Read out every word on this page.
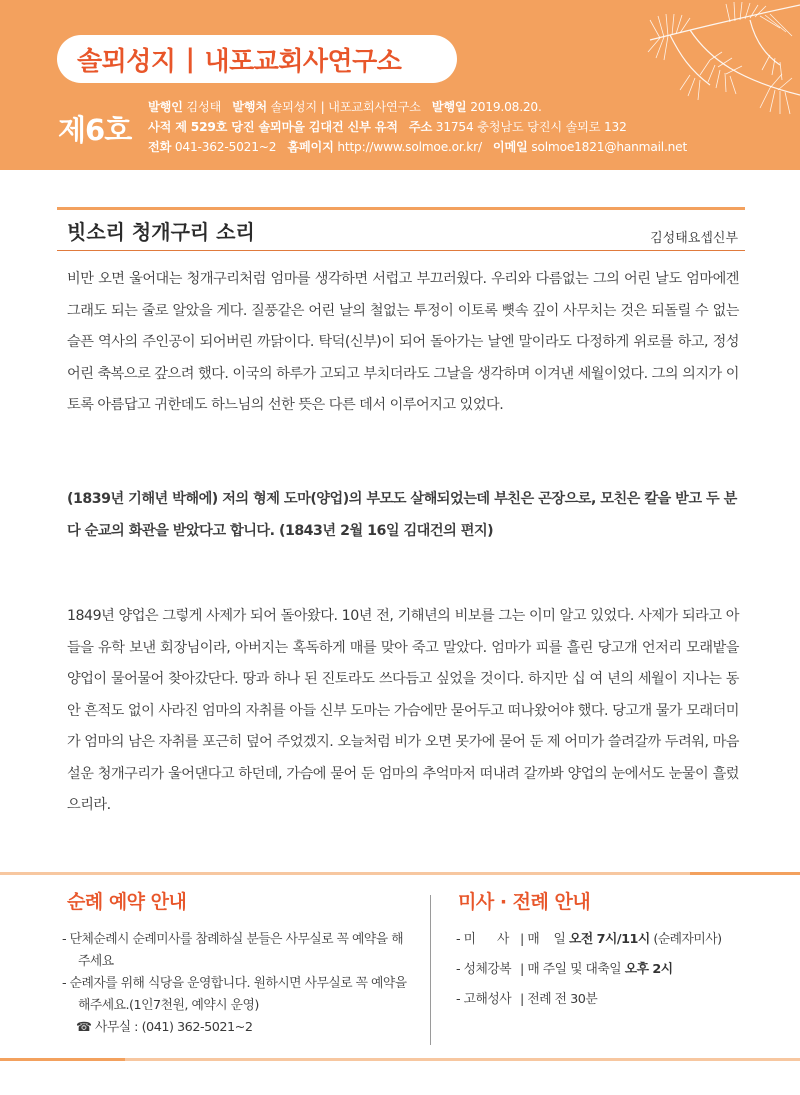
솔뫼성지 | 내포교회사연구소
제6호
발행인 김성태 발행처 솔뫼성지 | 내포교회사연구소 발행일 2019.08.20.
사적 제 529호 당진 솔뫼마을 김대건 신부 유적 주소 31754 충청남도 당진시 솔뫼로 132
전화 041-362-5021~2 홈페이지 http://www.solmoe.or.kr/ 이메일 solmoe1821@hanmail.net
빗소리 청개구리 소리	김성태요셉신부

비만 오면 울어대는 청개구리처럼 엄마를 생각하면 서럽고 부끄러웠다. 우리와 다름없는 그의 어린 날도 엄마에겐 그래도 되는 줄로 알았을 게다. 질풍같은 어린 날의 철없는 투정이 이토록 뼛속 깊이 사무치는 것은 되돌릴 수 없는 슬픈 역사의 주인공이 되어버린 까닭이다. 탁덕(신부)이 되어 돌아가는 날엔 말이라도 다정하게 위로를 하고, 정성어린 축복으로 갚으려 했다. 이국의 하루가 고되고 부치더라도 그날을 생각하며 이겨낸 세월이었다. 그의 의지가 이토록 아름답고 귀한데도 하느님의 선한 뜻은 다른 데서 이루어지고 있었다.

(1839년 기해년 박해에) 저의 형제 도마(양업)의 부모도 살해되었는데 부친은 곤장으로, 모친은 칼을 받고 두 분 다 순교의 화관을 받았다고 합니다. (1843년 2월 16일 김대건의 편지)

1849년 양업은 그렇게 사제가 되어 돌아왔다. 10년 전, 기해년의 비보를 그는 이미 알고 있었다. 사제가 되라고 아들을 유학 보낸 회장님이라, 아버지는 혹독하게 매를 맞아 죽고 말았다. 엄마가 피를 흘린 당고개 언저리 모래밭을 양업이 물어물어 찾아갔단다. 땅과 하나 된 진토라도 쓰다듬고 싶었을 것이다. 하지만 십 여 년의 세월이 지나는 동안 흔적도 없이 사라진 엄마의 자취를 아들 신부 도마는 가슴에만 묻어두고 떠나왔어야 했다. 당고개 물가 모래더미가 엄마의 남은 자취를 포근히 덮어 주었겠지. 오늘처럼 비가 오면 못가에 묻어 둔 제 어미가 쓸려갈까 두려워, 마음 설운 청개구리가 울어댄다고 하던데, 가슴에 묻어 둔 엄마의 추억마저 떠내려 갈까봐 양업의 눈에서도 눈물이 흘렀으리라.

순례 예약 안내
- 단체순례시 순례미사를 참례하실 분들은 사무실로 꼭 예약을 해주세요
- 순례자를 위해 식당을 운영합니다. 원하시면 사무실로 꼭 예약을해주세요.(1인7천원, 예약시 운영)
☎ 사무실 : (041) 362-5021~2
미사 · 전례 안내
- 미      사 | 매    일 오전 7시/11시 (순례자미사)
- 성체강복 | 매 주일 및 대축일 오후 2시
- 고해성사 | 전례 전 30분
